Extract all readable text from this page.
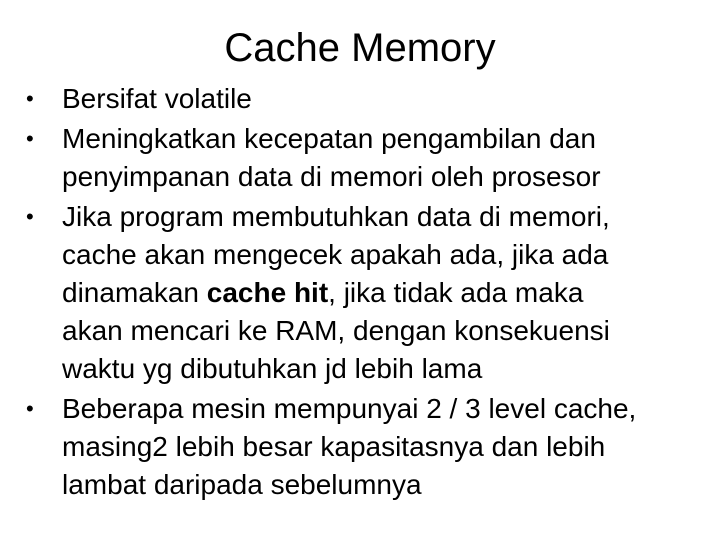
Cache Memory
• Bersifat volatile
• Meningkatkan kecepatan pengambilan dan
penyimpanan data di memori oleh prosesor
• Jika program membutuhkan data di memori,
cache akan mengecek apakah ada, jika ada
dinamakan cache hit, jika tidak ada maka
akan mencari ke RAM, dengan konsekuensi
waktu yg dibutuhkan jd lebih lama
• Beberapa mesin mempunyai 2 / 3 level cache,
masing2 lebih besar kapasitasnya dan lebih
lambat daripada sebelumnya
